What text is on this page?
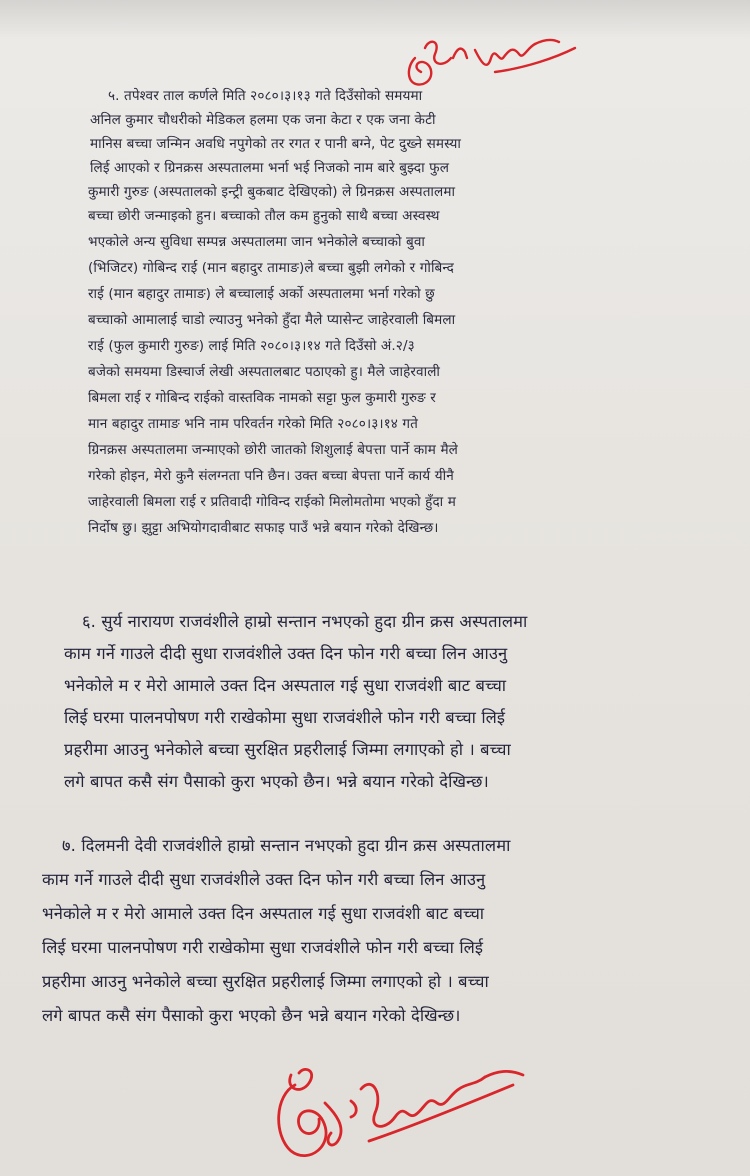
५. तपेश्वर ताल कर्णले मिति २०८०।३।१३ गते दिउँसोको समयमा
अनिल कुमार चौधरीको मेडिकल हलमा एक जना केटा र एक जना केटी
मानिस बच्चा जन्मिन अवधि नपुगेको तर रगत र पानी बग्ने, पेट दुख्ने समस्या
लिई आएको र ग्रिनक्रस अस्पतालमा भर्ना भई निजको नाम बारे बुझ्दा फुल
कुमारी गुरुङ (अस्पतालको इन्ट्री बुकबाट देखिएको) ले ग्रिनक्रस अस्पतालमा
बच्चा छोरी जन्माइको हुन। बच्चाको तौल कम हुनुको साथै बच्चा अस्वस्थ
भएकोले अन्य सुविधा सम्पन्न अस्पतालमा जान भनेकोले बच्चाको बुवा
(भिजिटर) गोबिन्द राई (मान बहादुर तामाङ)ले बच्चा बुझी लगेको र गोबिन्द
राई (मान बहादुर तामाङ) ले बच्चालाई अर्को अस्पतालमा भर्ना गरेको छु
बच्चाको आमालाई चाडो ल्याउनु भनेको हुँदा मैले प्यासेन्ट जाहेरवाली बिमला
राई (फुल कुमारी गुरुङ) लाई मिति २०८०।३।१४ गते दिउँसो अं.२/३
बजेको समयमा डिस्चार्ज लेखी अस्पतालबाट पठाएको हु। मैले जाहेरवाली
बिमला राई र गोबिन्द राईको वास्तविक नामको सट्टा फुल कुमारी गुरुङ र
मान बहादुर तामाङ भनि नाम परिवर्तन गरेको मिति २०८०।३।१४ गते
ग्रिनक्रस अस्पतालमा जन्माएको छोरी जातको शिशुलाई बेपत्ता पार्ने काम मैले
गरेको होइन, मेरो कुनै संलग्नता पनि छैन। उक्त बच्चा बेपत्ता पार्ने कार्य यीनै
जाहेरवाली बिमला राई र प्रतिवादी गोविन्द राईको मिलोमतोमा भएको हुँदा म
निर्दोष छु। झुट्टा अभियोगदावीबाट सफाइ पाउँ भन्ने बयान गरेको देखिन्छ।
६. सुर्य नारायण राजवंशीले हाम्रो सन्तान नभएको हुदा ग्रीन क्रस अस्पतालमा
काम गर्ने गाउले दीदी सुधा राजवंशीले उक्त दिन फोन गरी बच्चा लिन आउनु
भनेकोले म र मेरो आमाले उक्त दिन अस्पताल गई सुधा राजवंशी बाट बच्चा
लिई घरमा पालनपोषण गरी राखेकोमा सुधा राजवंशीले फोन गरी बच्चा लिई
प्रहरीमा आउनु भनेकोले बच्चा सुरक्षित प्रहरीलाई जिम्मा लगाएको हो । बच्चा
लगे बापत कसै संग पैसाको कुरा भएको छैन। भन्ने बयान गरेको देखिन्छ।
७. दिलमनी देवी राजवंशीले हाम्रो सन्तान नभएको हुदा ग्रीन क्रस अस्पतालमा
काम गर्ने गाउले दीदी सुधा राजवंशीले उक्त दिन फोन गरी बच्चा लिन आउनु
भनेकोले म र मेरो आमाले उक्त दिन अस्पताल गई सुधा राजवंशी बाट बच्चा
लिई घरमा पालनपोषण गरी राखेकोमा सुधा राजवंशीले फोन गरी बच्चा लिई
प्रहरीमा आउनु भनेकोले बच्चा सुरक्षित प्रहरीलाई जिम्मा लगाएको हो । बच्चा
लगे बापत कसै संग पैसाको कुरा भएको छैन भन्ने बयान गरेको देखिन्छ।
